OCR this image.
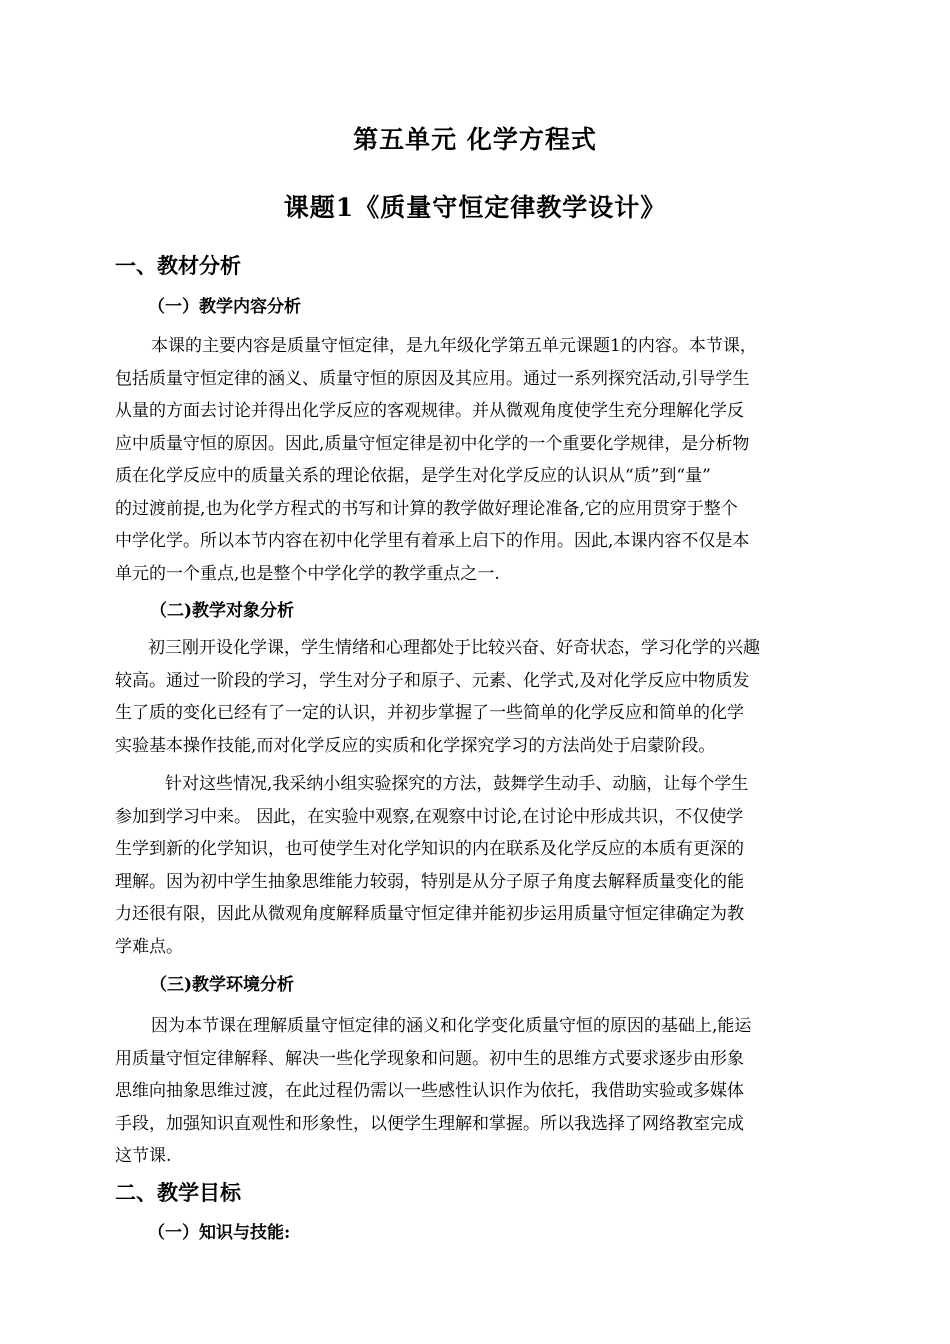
第五单元 化学方程式
课题1《质量守恒定律教学设计》
一、教材分析
（一）教学内容分析
本课的主要内容是质量守恒定律，是九年级化学第五单元课题1的内容。本节课，
包括质量守恒定律的涵义、质量守恒的原因及其应用。通过一系列探究活动,引导学生
从量的方面去讨论并得出化学反应的客观规律。并从微观角度使学生充分理解化学反
应中质量守恒的原因。因此,质量守恒定律是初中化学的一个重要化学规律，是分析物
质在化学反应中的质量关系的理论依据，是学生对化学反应的认识从“质”到“量”
的过渡前提,也为化学方程式的书写和计算的教学做好理论准备,它的应用贯穿于整个
中学化学。所以本节内容在初中化学里有着承上启下的作用。因此,本课内容不仅是本
单元的一个重点,也是整个中学化学的教学重点之一.
（二)教学对象分析
初三刚开设化学课，学生情绪和心理都处于比较兴奋、好奇状态，学习化学的兴趣
较高。通过一阶段的学习，学生对分子和原子、元素、化学式,及对化学反应中物质发
生了质的变化已经有了一定的认识，并初步掌握了一些简单的化学反应和简单的化学
实验基本操作技能,而对化学反应的实质和化学探究学习的方法尚处于启蒙阶段。
针对这些情况,我采纳小组实验探究的方法，鼓舞学生动手、动脑，让每个学生
参加到学习中来。 因此，在实验中观察,在观察中讨论,在讨论中形成共识，不仅使学
生学到新的化学知识，也可使学生对化学知识的内在联系及化学反应的本质有更深的
理解。因为初中学生抽象思维能力较弱，特别是从分子原子角度去解释质量变化的能
力还很有限，因此从微观角度解释质量守恒定律并能初步运用质量守恒定律确定为教
学难点。
（三)教学环境分析
因为本节课在理解质量守恒定律的涵义和化学变化质量守恒的原因的基础上,能运
用质量守恒定律解释、解决一些化学现象和问题。初中生的思维方式要求逐步由形象
思维向抽象思维过渡，在此过程仍需以一些感性认识作为依托，我借助实验或多媒体
手段，加强知识直观性和形象性，以便学生理解和掌握。所以我选择了网络教室完成
这节课.
二、教学目标
（一）知识与技能:
